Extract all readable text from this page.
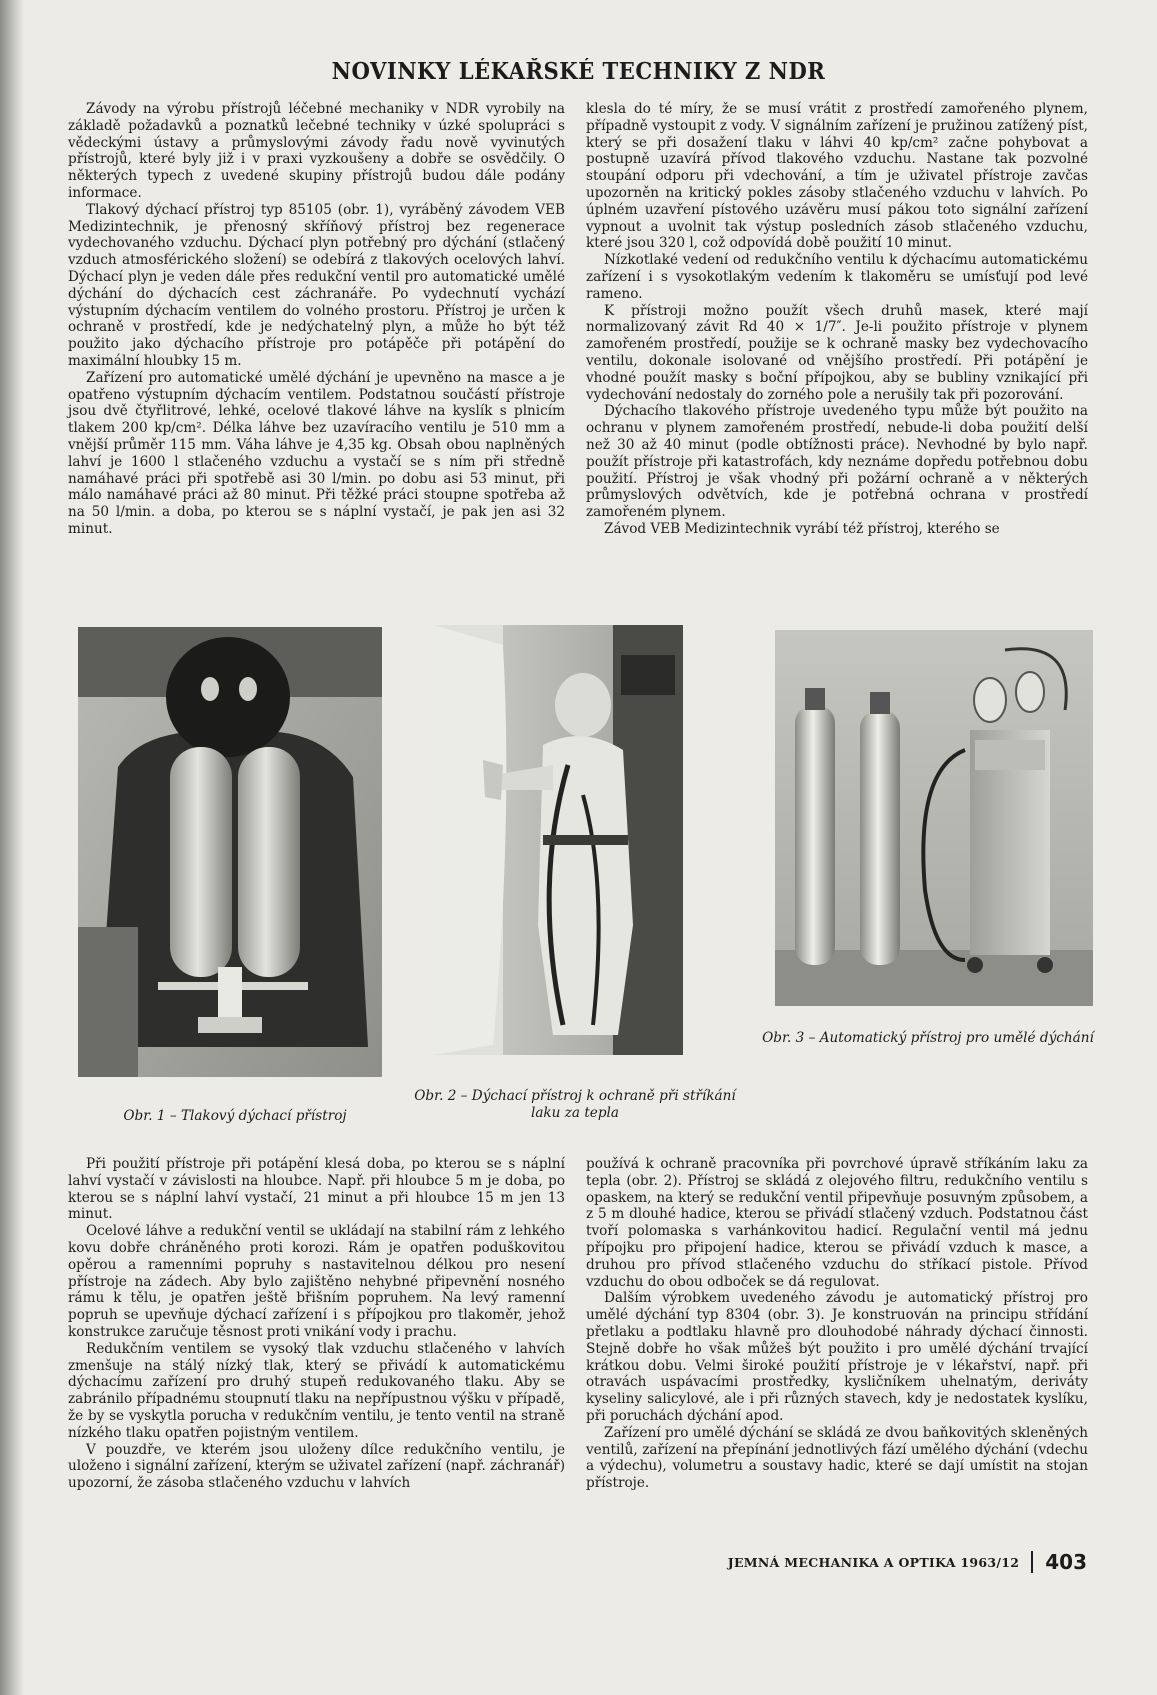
NOVINKY LÉKAŘSKÉ TECHNIKY Z NDR

Závody na výrobu přístrojů léčebné mechaniky v NDR vyrobily na základě požadavků a poznatků lečebné techniky v úzké spolupráci s vědeckými ústavy a průmyslovými závody řadu nově vyvinutých přístrojů, které byly již i v praxi vyzkoušeny a dobře se osvědčily. O některých typech z uvedené skupiny přístrojů budou dále podány informace.

Tlakový dýchací přístroj typ 85105 (obr. 1), vyráběný závodem VEB Medizintechnik, je přenosný skříňový přístroj bez regenerace vydechovaného vzduchu. Dýchací plyn potřebný pro dýchání (stlačený vzduch atmosférického složení) se odebírá z tlakových ocelových lahví. Dýchací plyn je veden dále přes redukční ventil pro automatické umělé dýchání do dýchacích cest záchranáře. Po vydechnutí vychází výstupním dýchacím ventilem do volného prostoru. Přístroj je určen k ochraně v prostředí, kde je nedýchatelný plyn, a může ho být též použito jako dýchacího přístroje pro potápěče při potápění do maximální hloubky 15 m.

Zařízení pro automatické umělé dýchání je upevněno na masce a je opatřeno výstupním dýchacím ventilem. Podstatnou součástí přístroje jsou dvě čtyřlitrové, lehké, ocelové tlakové láhve na kyslík s plnicím tlakem 200 kp/cm². Délka láhve bez uzavíracího ventilu je 510 mm a vnější průměr 115 mm. Váha láhve je 4,35 kg. Obsah obou naplněných lahví je 1600 l stlačeného vzduchu a vystačí se s ním při středně namáhavé práci při spotřebě asi 30 l/min. po dobu asi 53 minut, při málo namáhavé práci až 80 minut. Při těžké práci stoupne spotřeba až na 50 l/min. a doba, po kterou se s náplní vystačí, je pak jen asi 32 minut.

klesla do té míry, že se musí vrátit z prostředí zamořeného plynem, případně vystoupit z vody. V signálním zařízení je pružinou zatížený píst, který se při dosažení tlaku v láhvi 40 kp/cm² začne pohybovat a postupně uzavírá přívod tlakového vzduchu. Nastane tak pozvolné stoupání odporu při vdechování, a tím je uživatel přístroje zavčas upozorněn na kritický pokles zásoby stlačeného vzduchu v lahvích. Po úplném uzavření pístového uzávěru musí pákou toto signální zařízení vypnout a uvolnit tak výstup posledních zásob stlačeného vzduchu, které jsou 320 l, což odpovídá době použití 10 minut.

Nízkotlaké vedení od redukčního ventilu k dýchacímu automatickému zařízení i s vysokotlakým vedením k tlakoměru se umísťují pod levé rameno.

K přístroji možno použít všech druhů masek, které mají normalizovaný závit Rd 40 × 1/7″. Je-li použito přístroje v plynem zamořeném prostředí, použije se k ochraně masky bez vydechovacího ventilu, dokonale isolované od vnějšího prostředí. Při potápění je vhodné použít masky s boční přípojkou, aby se bubliny vznikající při vydechování nedostaly do zorného pole a nerušily tak při pozorování.

Dýchacího tlakového přístroje uvedeného typu může být použito na ochranu v plynem zamořeném prostředí, nebude-li doba použití delší než 30 až 40 minut (podle obtížnosti práce). Nevhodné by bylo např. použít přístroje při katastrofách, kdy neznáme dopředu potřebnou dobu použití. Přístroj je však vhodný při požární ochraně a v některých průmyslových odvětvích, kde je potřebná ochrana v prostředí zamořeném plynem.

Závod VEB Medizintechnik vyrábí též přístroj, kterého se

Obr. 1 – Tlakový dýchací přístroj
Obr. 2 – Dýchací přístroj k ochraně při stříkání laku za tepla
Obr. 3 – Automatický přístroj pro umělé dýchání

Při použití přístroje při potápění klesá doba, po kterou se s náplní lahví vystačí v závislosti na hloubce. Např. při hloubce 5 m je doba, po kterou se s náplní lahví vystačí, 21 minut a při hloubce 15 m jen 13 minut.

Ocelové láhve a redukční ventil se ukládají na stabilní rám z lehkého kovu dobře chráněného proti korozi. Rám je opatřen poduškovitou opěrou a ramenními popruhy s nastavitelnou délkou pro nesení přístroje na zádech. Aby bylo zajištěno nehybné připevnění nosného rámu k tělu, je opatřen ještě břišním popruhem. Na levý ramenní popruh se upevňuje dýchací zařízení i s přípojkou pro tlakoměr, jehož konstrukce zaručuje těsnost proti vnikání vody i prachu.

Redukčním ventilem se vysoký tlak vzduchu stlačeného v lahvích zmenšuje na stálý nízký tlak, který se přivádí k automatickému dýchacímu zařízení pro druhý stupeň redukovaného tlaku. Aby se zabránilo případnému stoupnutí tlaku na nepřípustnou výšku v případě, že by se vyskytla porucha v redukčním ventilu, je tento ventil na straně nízkého tlaku opatřen pojistným ventilem.

V pouzdře, ve kterém jsou uloženy dílce redukčního ventilu, je uloženo i signální zařízení, kterým se uživatel zařízení (např. záchranář) upozorní, že zásoba stlačeného vzduchu v lahvích

používá k ochraně pracovníka při povrchové úpravě stříkáním laku za tepla (obr. 2). Přístroj se skládá z olejového filtru, redukčního ventilu s opaskem, na který se redukční ventil připevňuje posuvným způsobem, a z 5 m dlouhé hadice, kterou se přivádí stlačený vzduch. Podstatnou část tvoří polomaska s varhánkovitou hadicí. Regulační ventil má jednu přípojku pro připojení hadice, kterou se přivádí vzduch k masce, a druhou pro přívod stlačeného vzduchu do stříkací pistole. Přívod vzduchu do obou odboček se dá regulovat.

Dalším výrobkem uvedeného závodu je automatický přístroj pro umělé dýchání typ 8304 (obr. 3). Je konstruován na principu střídání přetlaku a podtlaku hlavně pro dlouhodobé náhrady dýchací činnosti. Stejně dobře ho však můžeš být použito i pro umělé dýchání trvající krátkou dobu. Velmi široké použití přístroje je v lékařství, např. při otravách uspávacími prostředky, kysličníkem uhelnatým, deriváty kyseliny salicylové, ale i při různých stavech, kdy je nedostatek kyslíku, při poruchách dýchání apod.

Zařízení pro umělé dýchání se skládá ze dvou baňkovitých skleněných ventilů, zařízení na přepínání jednotlivých fází umělého dýchání (vdechu a výdechu), volumetru a soustavy hadic, které se dají umístit na stojan přístroje.

JEMNÁ MECHANIKA A OPTIKA 1963/12 403
